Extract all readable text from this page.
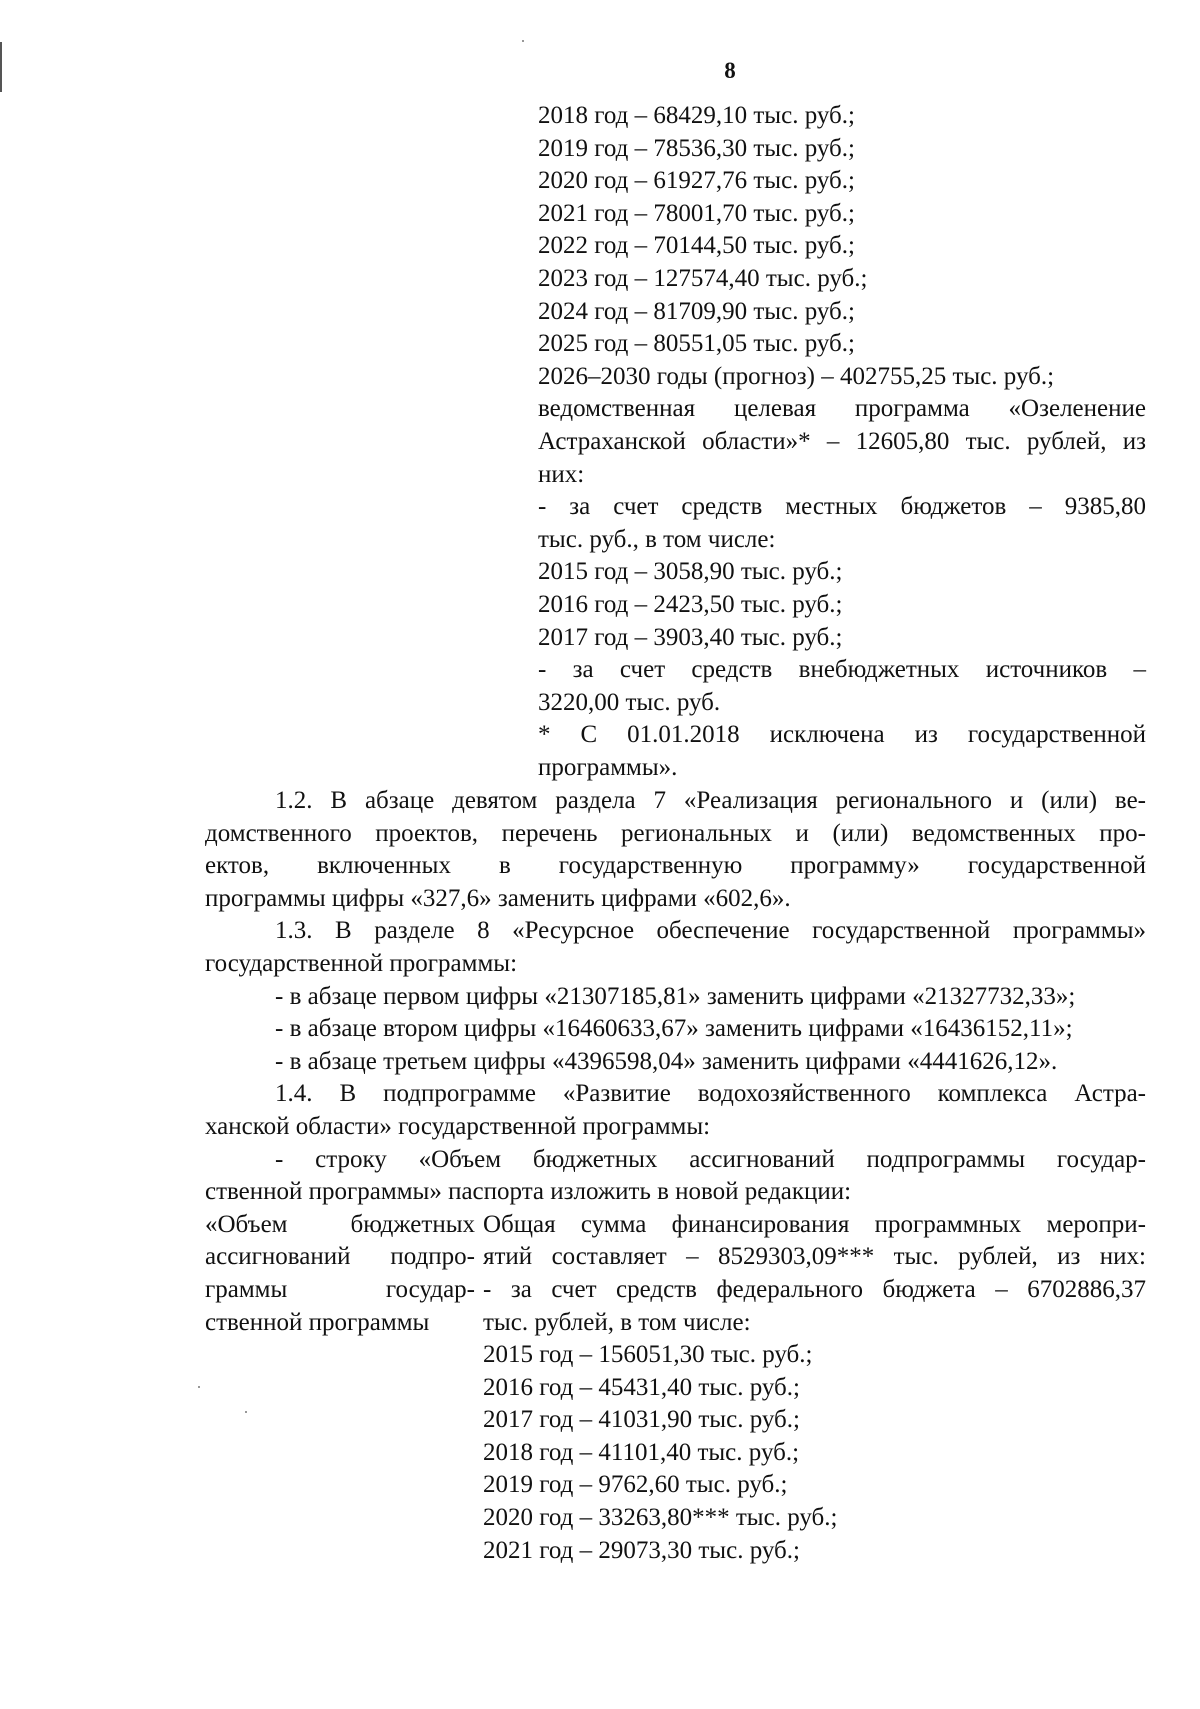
8
2018 год – 68429,10 тыс. руб.;
2019 год – 78536,30 тыс. руб.;
2020 год – 61927,76 тыс. руб.;
2021 год – 78001,70 тыс. руб.;
2022 год – 70144,50 тыс. руб.;
2023 год – 127574,40 тыс. руб.;
2024 год – 81709,90 тыс. руб.;
2025 год – 80551,05 тыс. руб.;
2026–2030 годы (прогноз) – 402755,25 тыс. руб.;
ведомственная целевая программа «Озеленение
Астраханской области»* – 12605,80 тыс. рублей, из
них:
- за счет средств местных бюджетов – 9385,80
тыс. руб., в том числе:
2015 год – 3058,90 тыс. руб.;
2016 год – 2423,50 тыс. руб.;
2017 год – 3903,40 тыс. руб.;
- за счет средств внебюджетных источников –
3220,00 тыс. руб.
* С 01.01.2018 исключена из государственной
программы».
1.2. В абзаце девятом раздела 7 «Реализация регионального и (или) ве-
домственного проектов, перечень региональных и (или) ведомственных про-
ектов, включенных в государственную программу» государственной
программы цифры «327,6» заменить цифрами «602,6».
1.3. В разделе 8 «Ресурсное обеспечение государственной программы»
государственной программы:
- в абзаце первом цифры «21307185,81» заменить цифрами «21327732,33»;
- в абзаце втором цифры «16460633,67» заменить цифрами «16436152,11»;
- в абзаце третьем цифры «4396598,04» заменить цифрами «4441626,12».
1.4. В подпрограмме «Развитие водохозяйственного комплекса Астра-
ханской области» государственной программы:
- строку «Объем бюджетных ассигнований подпрограммы государ-
ственной программы» паспорта изложить в новой редакции:
«Объем бюджетных
ассигнований подпро-
граммы государ-
ственной программы
Общая сумма финансирования программных меропри-
ятий составляет – 8529303,09*** тыс. рублей, из них:
- за счет средств федерального бюджета – 6702886,37
тыс. рублей, в том числе:
2015 год – 156051,30 тыс. руб.;
2016 год – 45431,40 тыс. руб.;
2017 год – 41031,90 тыс. руб.;
2018 год – 41101,40 тыс. руб.;
2019 год – 9762,60 тыс. руб.;
2020 год – 33263,80*** тыс. руб.;
2021 год – 29073,30 тыс. руб.;
